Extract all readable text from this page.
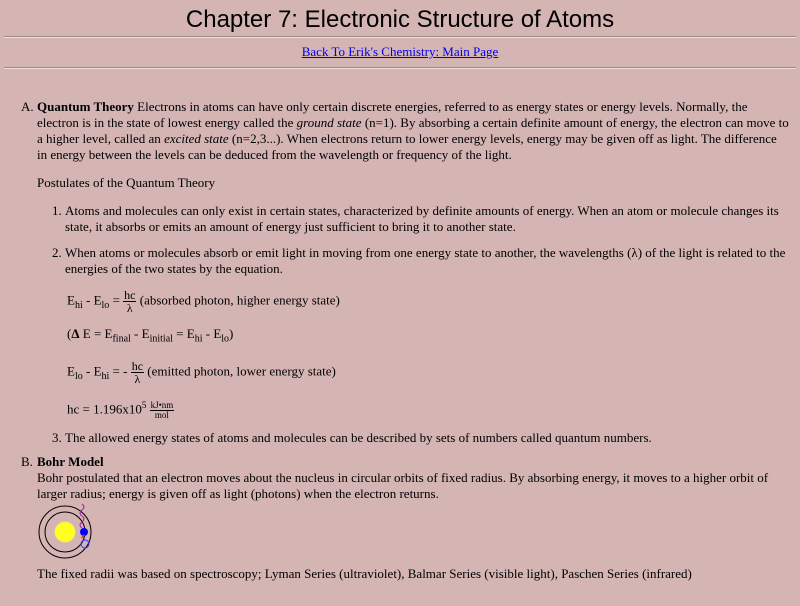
Chapter 7: Electronic Structure of Atoms
Back To Erik's Chemistry: Main Page
A. Quantum Theory Electrons in atoms can have only certain discrete energies, referred to as energy states or energy levels. Normally, the electron is in the state of lowest energy called the ground state (n=1). By absorbing a certain definite amount of energy, the electron can move to a higher level, called an excited state (n=2,3...). When electrons return to lower energy levels, energy may be given off as light. The difference in energy between the levels can be deduced from the wavelength or frequency of the light.

Postulates of the Quantum Theory

1. Atoms and molecules can only exist in certain states, characterized by definite amounts of energy. When an atom or molecule changes its state, it absorbs or emits an amount of energy just sufficient to bring it to another state.
2. When atoms or molecules absorb or emit light in moving from one energy state to another, the wavelengths (λ) of the light is related to the energies of the two states by the equation.
$E_{hi} - E_{lo} = \frac{hc}{\lambda}$ (absorbed photon, higher energy state)
(Δ $E = E_{final} - E_{initial} = E_{hi} - E_{lo}$)
$E_{lo} - E_{hi}$ = - $\frac{hc}{\lambda}$ (emitted photon, lower energy state)
hc = $1.196x10^5 \frac{kJ•nm}{\text{mol}}$
3. The allowed energy states of atoms and molecules can be described by sets of numbers called quantum numbers.
B. Bohr Model

Bohr postulated that an electron moves about the nucleus in circular orbits of fixed radius. By absorbing energy, it moves to a higher orbit of larger radius; energy is given off as light (photons) when the electron returns.

The fixed radii was based on spectroscopy; Lyman Series (ultraviolet), Balmar Series (visible light), Paschen Series (infrared)
